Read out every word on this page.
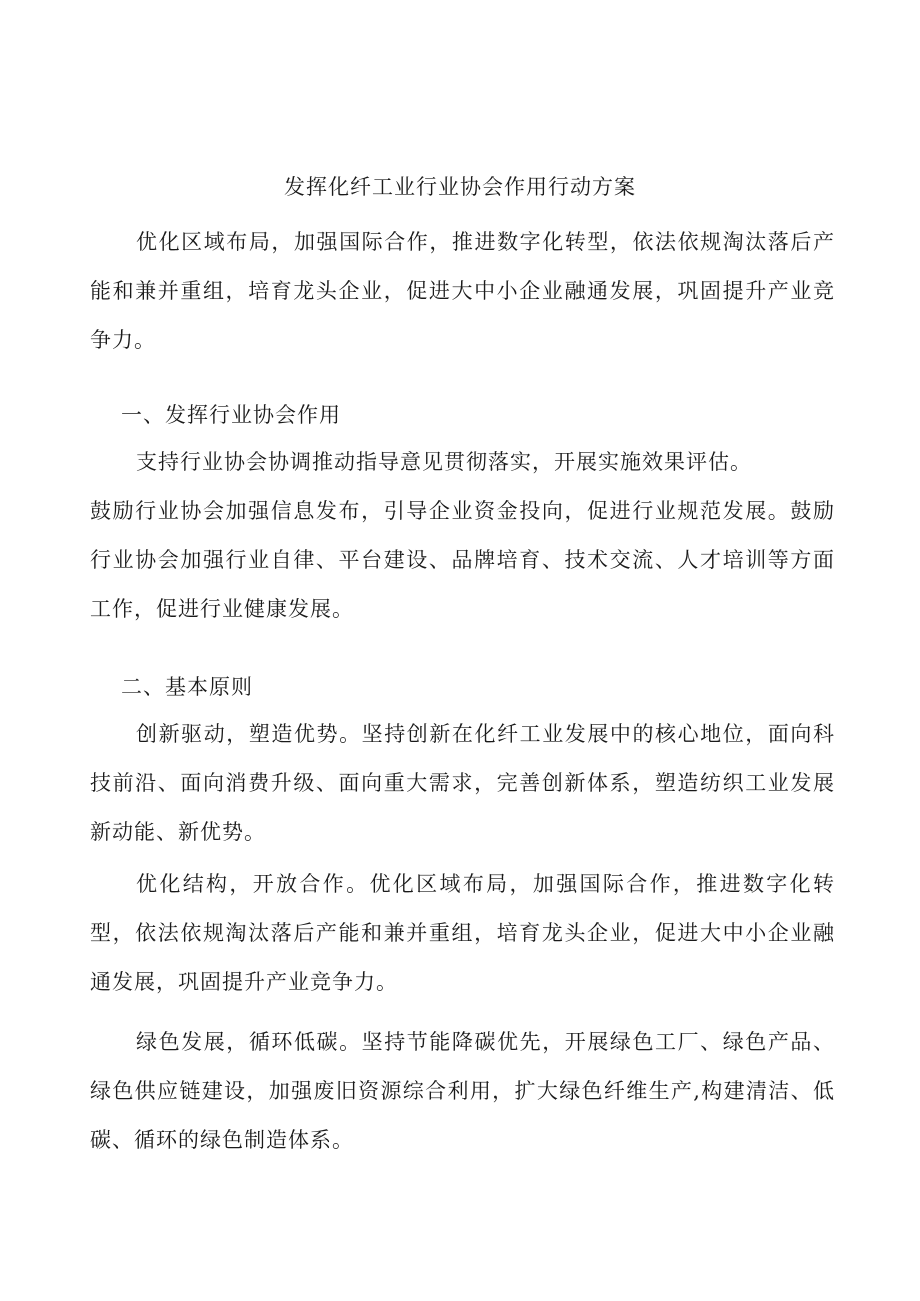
发挥化纤工业行业协会作用行动方案

优化区域布局，加强国际合作，推进数字化转型，依法依规淘汰落后产能和兼并重组，培育龙头企业，促进大中小企业融通发展，巩固提升产业竞争力。

一、发挥行业协会作用

支持行业协会协调推动指导意见贯彻落实，开展实施效果评估。

鼓励行业协会加强信息发布，引导企业资金投向，促进行业规范发展。鼓励行业协会加强行业自律、平台建设、品牌培育、技术交流、人才培训等方面工作，促进行业健康发展。

二、基本原则

创新驱动，塑造优势。坚持创新在化纤工业发展中的核心地位，面向科技前沿、面向消费升级、面向重大需求，完善创新体系，塑造纺织工业发展新动能、新优势。

优化结构，开放合作。优化区域布局，加强国际合作，推进数字化转型，依法依规淘汰落后产能和兼并重组，培育龙头企业，促进大中小企业融通发展，巩固提升产业竞争力。

绿色发展，循环低碳。坚持节能降碳优先，开展绿色工厂、绿色产品、绿色供应链建设，加强废旧资源综合利用，扩大绿色纤维生产,构建清洁、低碳、循环的绿色制造体系。
